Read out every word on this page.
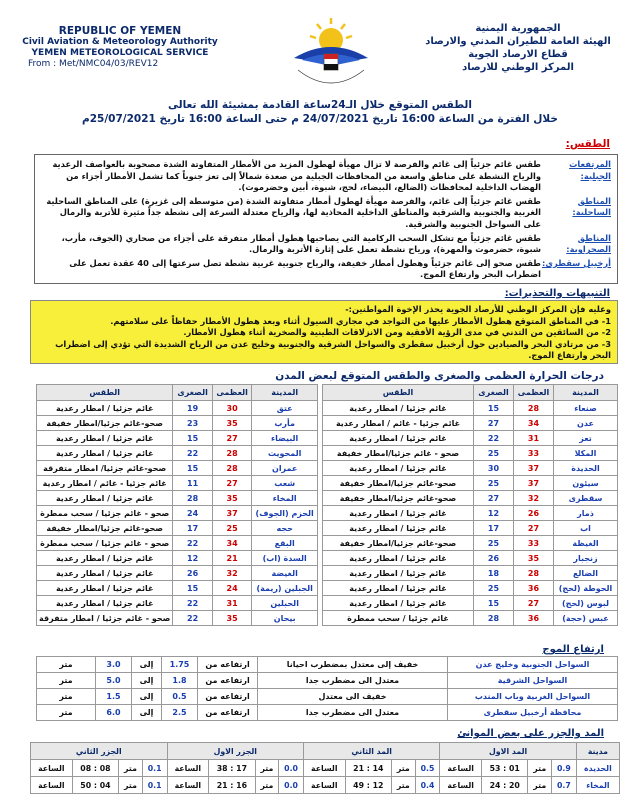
REPUBLIC OF YEMEN
Civil Aviation & Meteorology Authority
YEMEN METEOROLOGICAL SERVICE
From : Met/NMC04/03/REV12
الجمهورية اليمنية
الهيئة العامة للطيران المدني والارصاد
قطاع الارصاد الجوية
المركز الوطني للارصاد
الطقس المتوقع خلال الـ24ساعة القادمة بمشيئة الله تعالى
خلال الفترة من الساعة 16:00 تاريخ 24/07/2021 م حتى الساعة 16:00 تاريخ 25/07/2021م
الطقس:
المرتفعات الجبلية:
طقس غائم جزئياً إلى غائم والفرصة لا تزال مهيأة لهطول المزيد من الأمطار المتفاوتة الشدة مصحوبة بالعواصف الرعدية والرياح النشطة على مناطق واسعة من المحافظات الجبلية من صعدة شمالاً إلى تعز جنوباً كما تشمل الأمطار أجزاء من الهضاب الداخلية لمحافظات (الضالع، البيضاء، لحج، شبوة، أبين وحضرموت).
المناطق الساحلية:
طقس غائم جزئياً إلى غائم، والفرصة مهيأة لهطول أمطار متفاوتة الشدة (من متوسطة إلى غزيرة) على المناطق الساحلية الغربية والجنوبية والشرقية والمناطق الداخلية المحاذية لها، والرياح معتدلة السرعة إلى نشطة جداً مثيرة للأتربة والرمال على السواحل الجنوبية والشرقية.
المناطق الصحراوية:
طقس غائم جزئياً مع تشكل السحب الركامية التي يصاحبها هطول أمطار متفرقة على أجزاء من صحاري (الجوف، مأرب، شبوة، حضرموت والمهرة)، ورياح نشطة تعمل على إثارة الأتربة والرمال.
أرخبيل سقطرى:
طقس صحو إلى غائم جزئياً وهطول أمطار خفيفة، والرياح جنوبية غربية نشطة تصل سرعتها إلى 40 عقدة تعمل على اضطراب البحر وارتفاع الموج.
التنبيهات والتحذيرات:
وعليه فإن المركز الوطني للأرصاد الجوية يحذر الإخوة المواطنين:-
1- في المناطق المتوقع هطول الأمطار عليها من التواجد في مجاري السيول أثناء وبعد هطول الأمطار حفاظاً على سلامتهم.
2- من السائقين من التدني في مدى الرؤية الأفقية ومن الانزلاقات الطينية والصخرية أثناء هطول الأمطار.
3- من مرتادي البحر والصيادين حول أرخبيل سقطرى والسواحل الشرقية والجنوبية وخليج عدن من الرياح الشديدة التي تؤدي إلى اضطراب البحر وارتفاع الموج.
درجات الحرارة العظمى والصغرى والطقس المتوقع لبعض المدن
المدينة	العظمى	الصغرى	الطقس
صنعاء	28	15	غائم جزئيا / امطار رعدية
عدن	34	27	غائم جزئيا - غائم / امطار رعدية
تعز	31	22	غائم جزئيا / امطار رعدية
المكلا	33	25	صحو - غائم جزئيا/امطار خفيفة
الحديدة	37	30	غائم جزئيا / امطار رعدية
سيئون	37	25	صحو-غائم جزئيا/امطار خفيفة
سقطرى	32	27	صحو-غائم جزئيا/امطار خفيفة
ذمار	26	12	غائم جزئيا / امطار رعدية
اب	27	17	غائم جزئيا / امطار رعدية
الغيظة	33	25	صحو-غائم جزئيا/امطار خفيفة
زنجبار	35	26	غائم جزئيا / امطار رعدية
الضالع	28	18	غائم جزئيا / امطار رعدية
الحوطة (لحج)	36	25	غائم جزئيا / امطار رعدية
لبوس (لحج)	27	15	غائم جزئيا / امطار رعدية
عبس (حجة)	36	28	غائم جزئيا / سحب ممطرة
المدينة	العظمى	الصغرى	الطقس
عتق	30	19	غائم جزئيا / امطار رعدية
مأرب	35	23	صحو-غائم جزئيا/امطار خفيفة
البيضاء	27	15	غائم جزئيا / امطار رعدية
المحويت	28	22	غائم جزئيا / امطار رعدية
عمران	28	15	صحو-غائم جزئيا/ امطار متفرقة
شعب	27	11	غائم جزئيا - غائم / امطار رعدية
المخاء	35	28	غائم جزئيا / امطار رعدية
الحزم (الجوف)	37	24	صحو - غائم جزئيا / سحب ممطرة
حجه	25	17	صحو-غائم جزئيا/امطار خفيفة
البقع	34	22	صحو - غائم جزئيا / سحب ممطرة
السدة (اب)	21	12	غائم جزئيا / امطار رعدية
الغيضة	32	26	غائم جزئيا / امطار رعدية
الجبلين (ريمة)	24	15	غائم جزئيا / امطار رعدية
الحبلين	31	22	غائم جزئيا / امطار رعدية
بيحان	35	22	صحو - غائم جزئيا / امطار متفرقة
ارتفاع الموج
السواحل الجنوبية وخليج عدن	خفيف إلى معتدل بمضطرب احيانا	ارتفاعه من	1.75	إلى	3.0	متر
السواحل الشرقية	معتدل الى مضطرب جدا	ارتفاعه من	1.8	إلى	5.0	متر
السواحل الغربية وباب المندب	خفيف الى معتدل	ارتفاعه من	0.5	إلى	1.5	متر
محافظة أرخبيل سقطرى	معتدل الى مضطرب جدا	ارتفاعه من	2.5	إلى	6.0	متر
المد والجزر على بعض الموانئ
مدينة	المد الاول				المد الثاني				الجزر الاول				الجزر الثاني			
الحديدة	0.9	متر	01 : 53	الساعة	0.5	متر	14 : 21	الساعة	0.0	متر	17 : 38	الساعة	0.1	متر	08 : 08	الساعة
المخاء	0.7	متر	20 : 24	الساعة	0.4	متر	12 : 49	الساعة	0.0	متر	16 : 21	الساعة	0.1	متر	04 : 50	الساعة
